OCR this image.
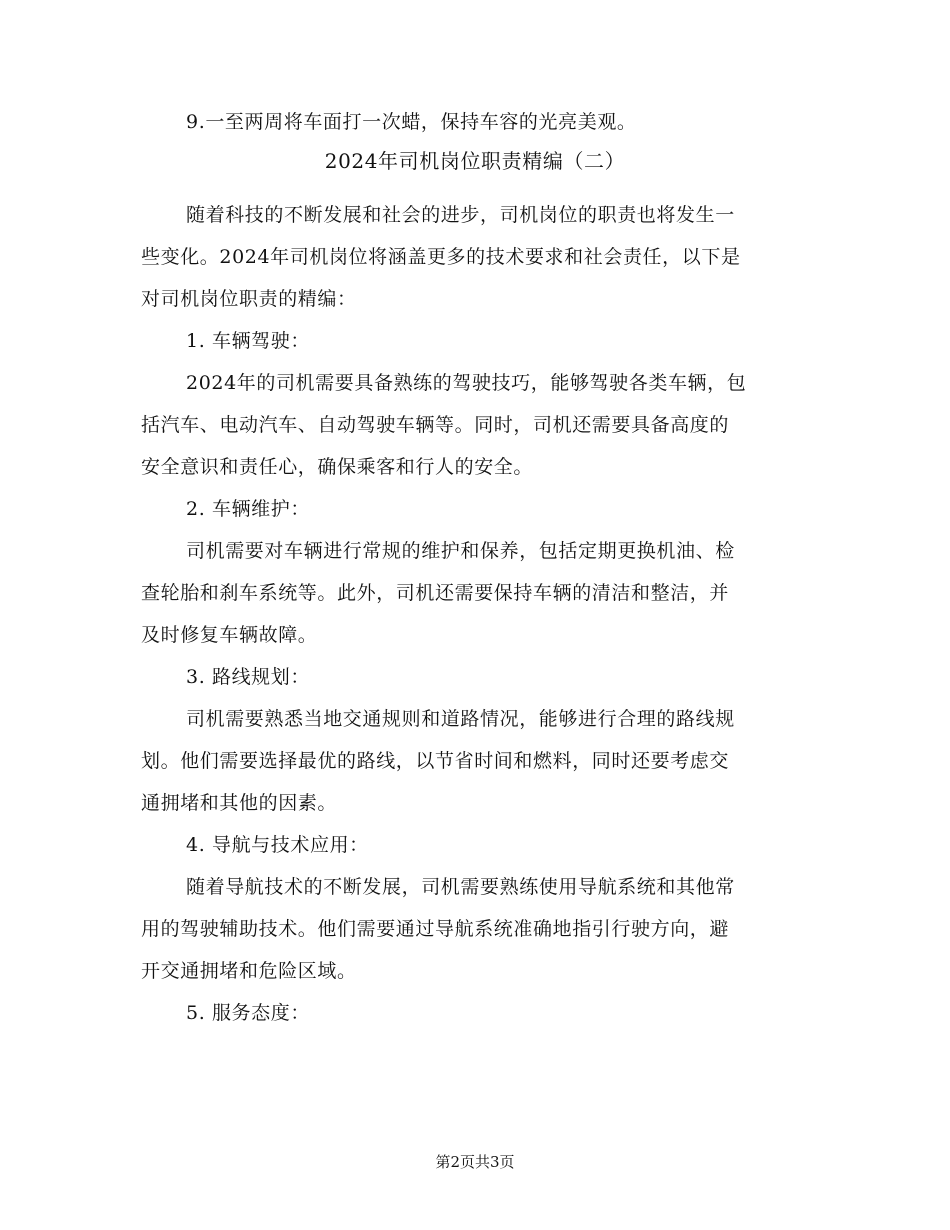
9.一至两周将车面打一次蜡，保持车容的光亮美观。
2024年司机岗位职责精编（二）
随着科技的不断发展和社会的进步，司机岗位的职责也将发生一
些变化。2024年司机岗位将涵盖更多的技术要求和社会责任，以下是
对司机岗位职责的精编：
1. 车辆驾驶：
2024年的司机需要具备熟练的驾驶技巧，能够驾驶各类车辆，包
括汽车、电动汽车、自动驾驶车辆等。同时，司机还需要具备高度的
安全意识和责任心，确保乘客和行人的安全。
2. 车辆维护：
司机需要对车辆进行常规的维护和保养，包括定期更换机油、检
查轮胎和刹车系统等。此外，司机还需要保持车辆的清洁和整洁，并
及时修复车辆故障。
3. 路线规划：
司机需要熟悉当地交通规则和道路情况，能够进行合理的路线规
划。他们需要选择最优的路线，以节省时间和燃料，同时还要考虑交
通拥堵和其他的因素。
4. 导航与技术应用：
随着导航技术的不断发展，司机需要熟练使用导航系统和其他常
用的驾驶辅助技术。他们需要通过导航系统准确地指引行驶方向，避
开交通拥堵和危险区域。
5. 服务态度：
第2页共3页
